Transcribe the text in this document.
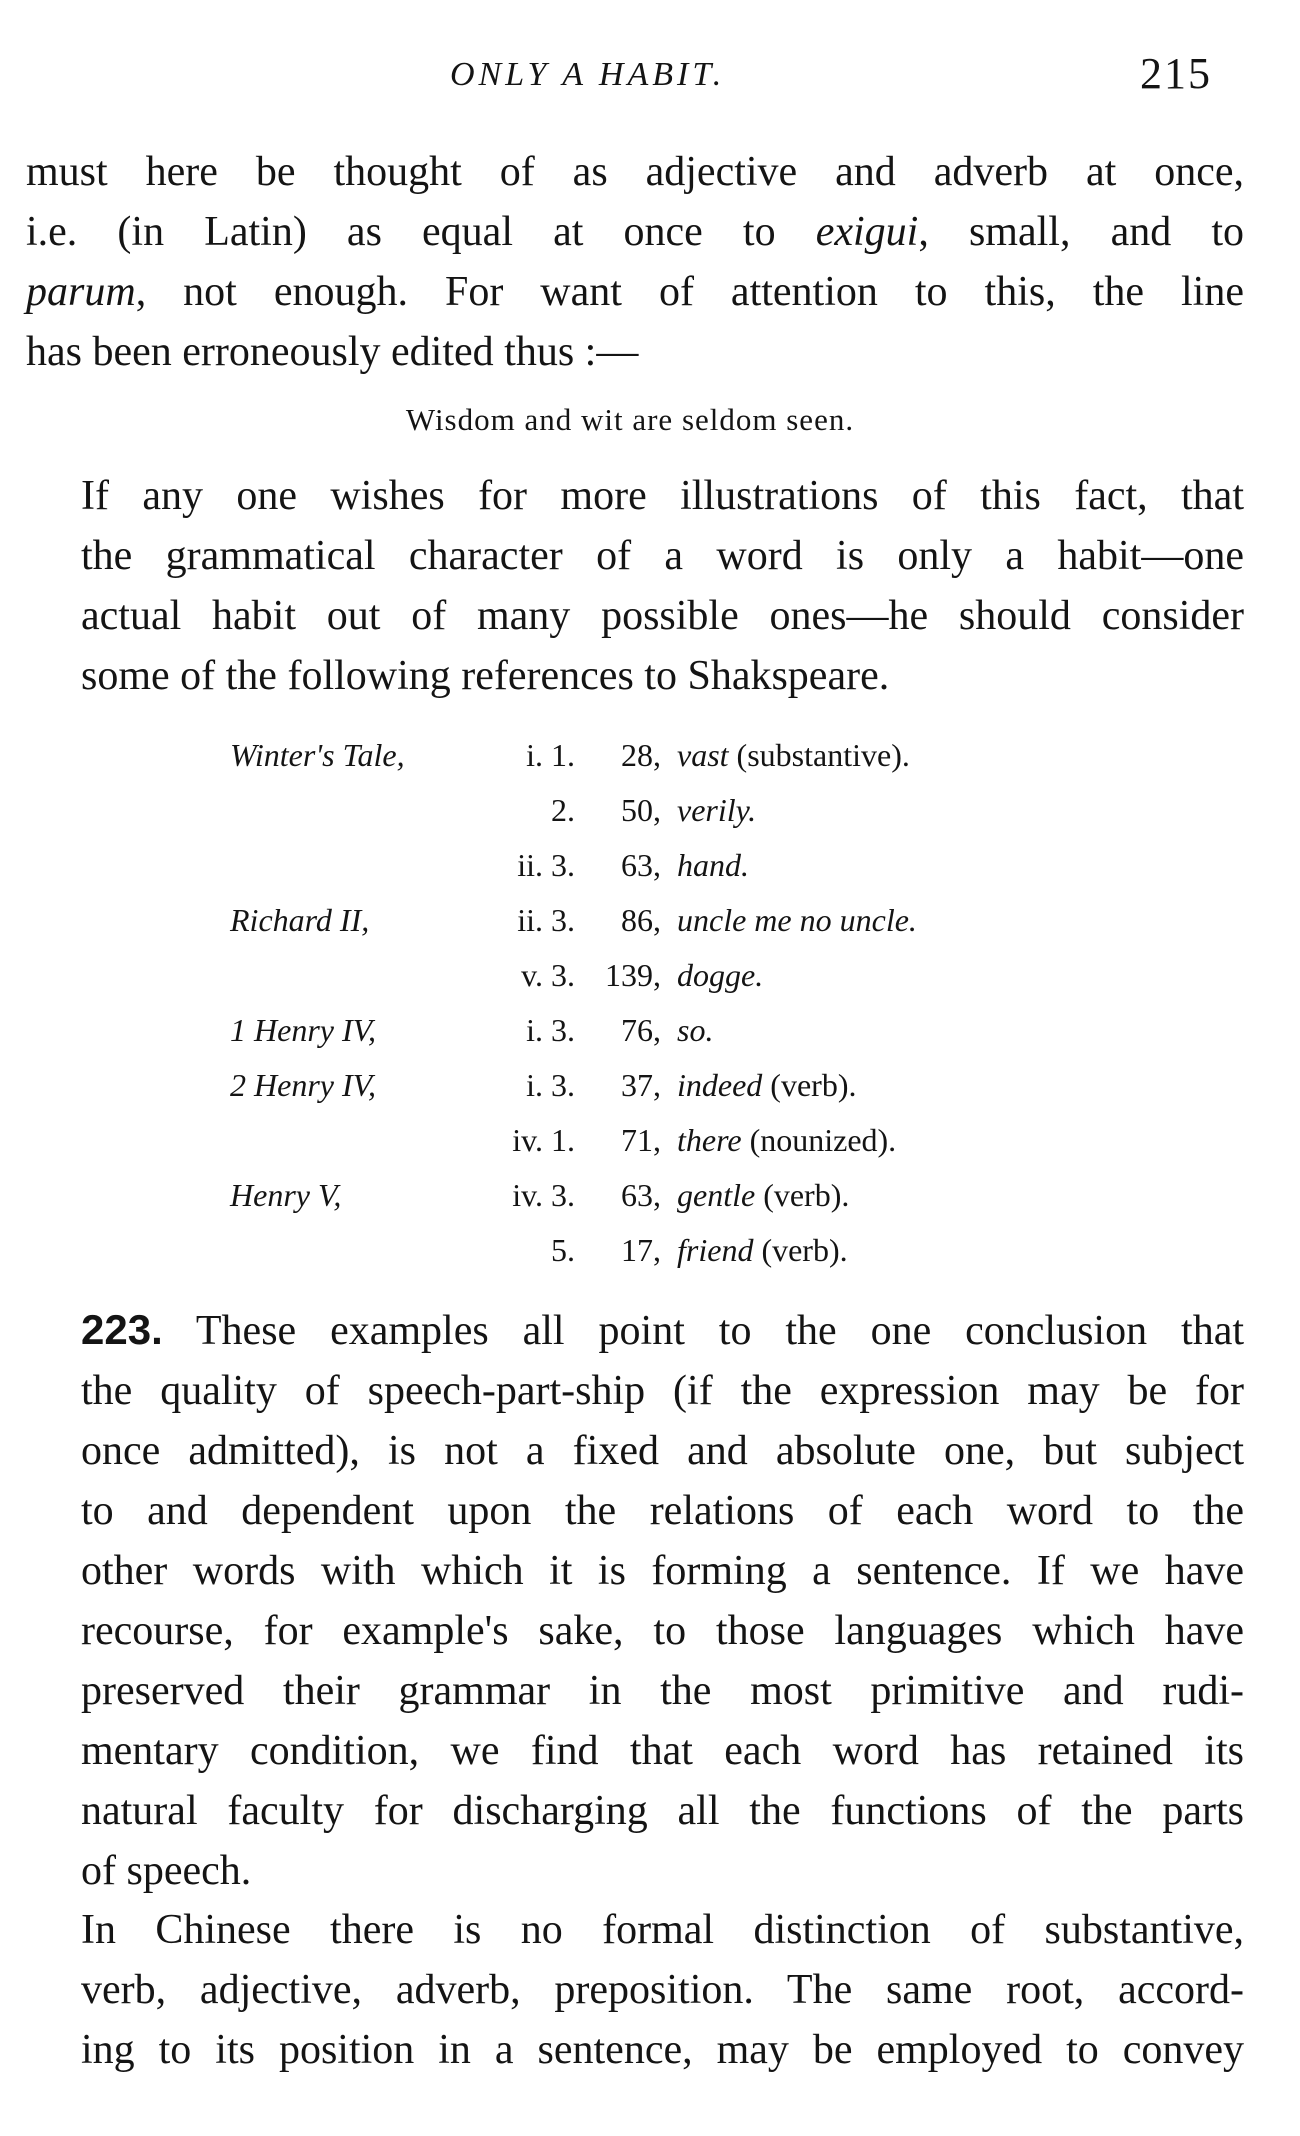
ONLY A HABIT.	215

must here be thought of as adjective and adverb at once,
i.e. (in Latin) as equal at once to exigui, small, and to
parum, not enough. For want of attention to this, the line
has been erroneously edited thus :—

Wisdom and wit are seldom seen.

If any one wishes for more illustrations of this fact, that
the grammatical character of a word is only a habit—one
actual habit out of many possible ones—he should consider
some of the following references to Shakspeare.

Winter's Tale,	i.	1.	28,	vast (substantive).
		2.	50,	verily.
	ii.	3.	63,	hand.
Richard II,	ii.	3.	86,	uncle me no uncle.
	v.	3.	139,	dogge.
1 Henry IV,	i.	3.	76,	so.
2 Henry IV,	i.	3.	37,	indeed (verb).
	iv.	1.	71,	there (nounized).
Henry V,	iv.	3.	63,	gentle (verb).
		5.	17,	friend (verb).

223. These examples all point to the one conclusion that
the quality of speech-part-ship (if the expression may be for
once admitted), is not a fixed and absolute one, but subject
to and dependent upon the relations of each word to the
other words with which it is forming a sentence. If we have
recourse, for example's sake, to those languages which have
preserved their grammar in the most primitive and rudi-
mentary condition, we find that each word has retained its
natural faculty for discharging all the functions of the parts
of speech.

In Chinese there is no formal distinction of substantive,
verb, adjective, adverb, preposition. The same root, accord-
ing to its position in a sentence, may be employed to convey
